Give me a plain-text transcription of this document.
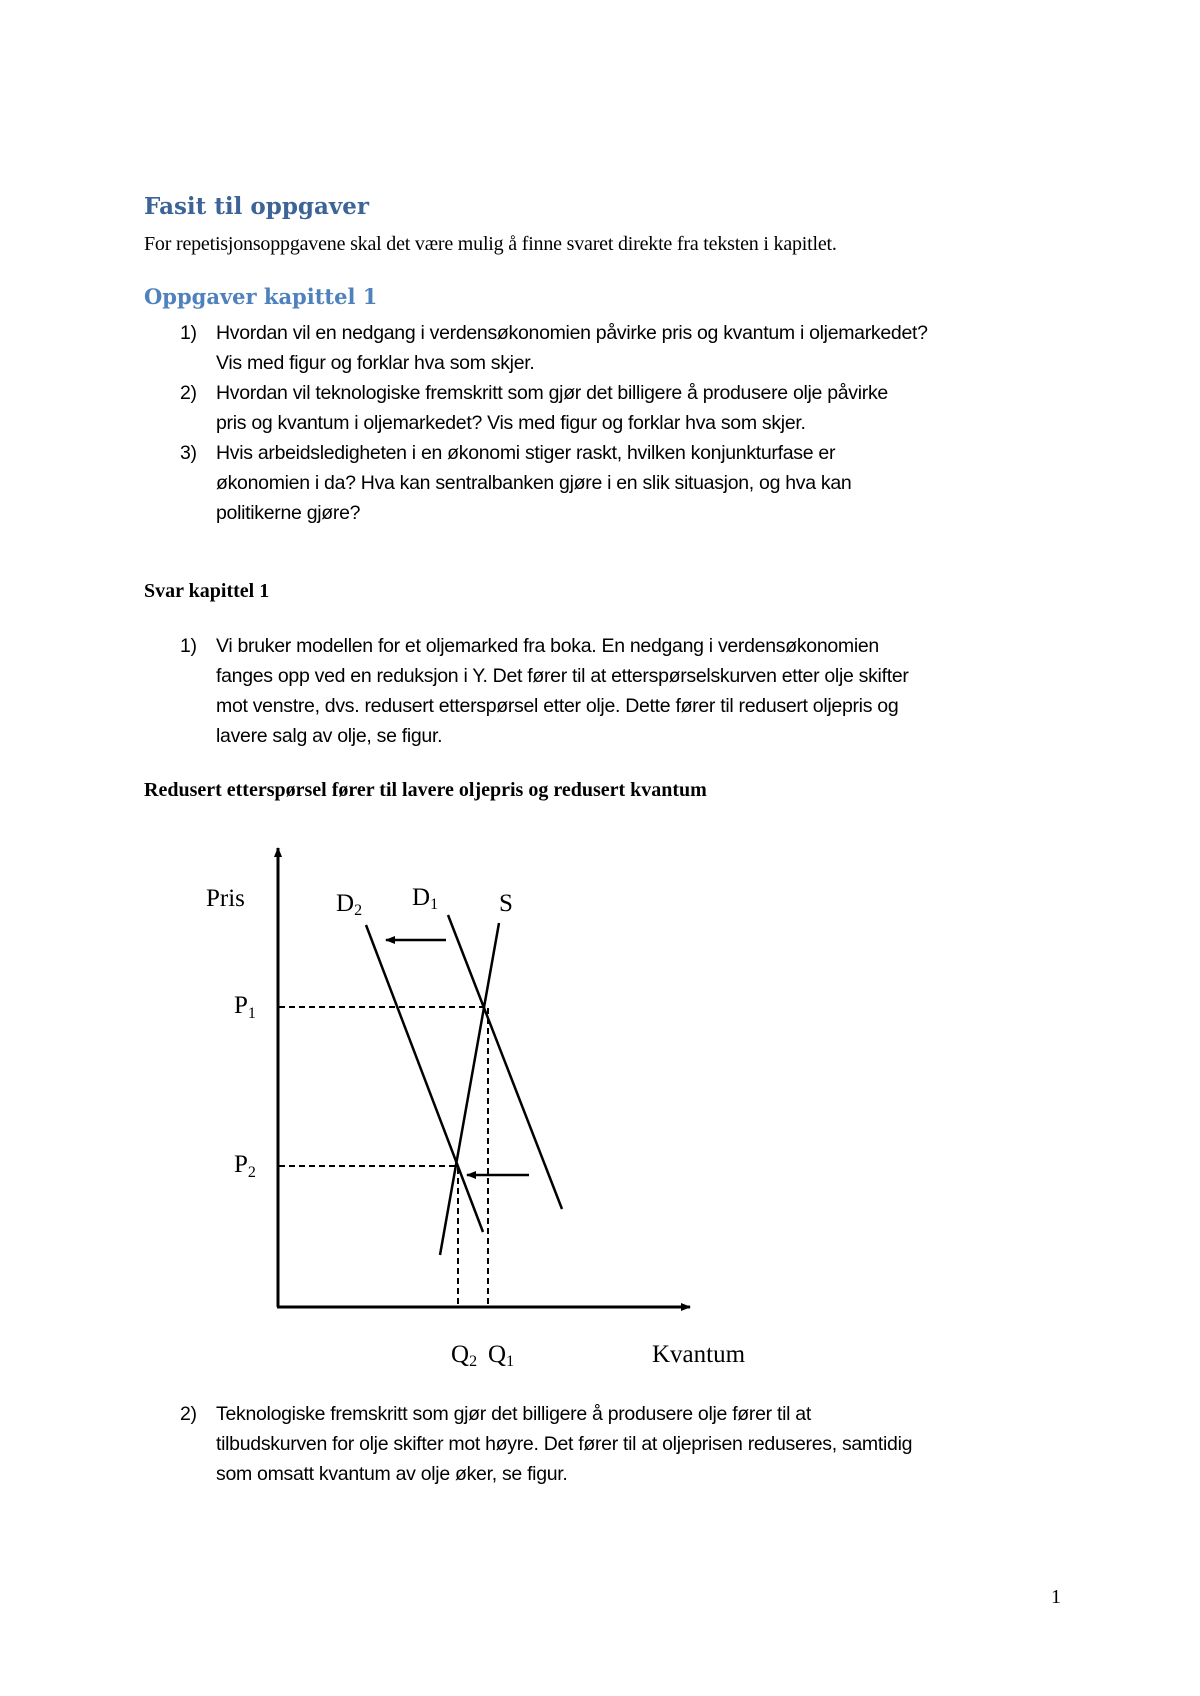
Fasit til oppgaver
For repetisjonsoppgavene skal det være mulig å finne svaret direkte fra teksten i kapitlet.
Oppgaver kapittel 1
1) Hvordan vil en nedgang i verdensøkonomien påvirke pris og kvantum i oljemarkedet?
Vis med figur og forklar hva som skjer.
2) Hvordan vil teknologiske fremskritt som gjør det billigere å produsere olje påvirke
pris og kvantum i oljemarkedet? Vis med figur og forklar hva som skjer.
3) Hvis arbeidsledigheten i en økonomi stiger raskt, hvilken konjunkturfase er
økonomien i da? Hva kan sentralbanken gjøre i en slik situasjon, og hva kan
politikerne gjøre?
Svar kapittel 1
1) Vi bruker modellen for et oljemarked fra boka. En nedgang i verdensøkonomien
fanges opp ved en reduksjon i Y. Det fører til at etterspørselskurven etter olje skifter
mot venstre, dvs. redusert etterspørsel etter olje. Dette fører til redusert oljepris og
lavere salg av olje, se figur.
Redusert etterspørsel fører til lavere oljepris og redusert kvantum
Pris	D2 D1 S
$P_1$
$P_2$
Q2 Q1	Kvantum
2) Teknologiske fremskritt som gjør det billigere å produsere olje fører til at
tilbudskurven for olje skifter mot høyre. Det fører til at oljeprisen reduseres, samtidig
som omsatt kvantum av olje øker, se figur.
1
